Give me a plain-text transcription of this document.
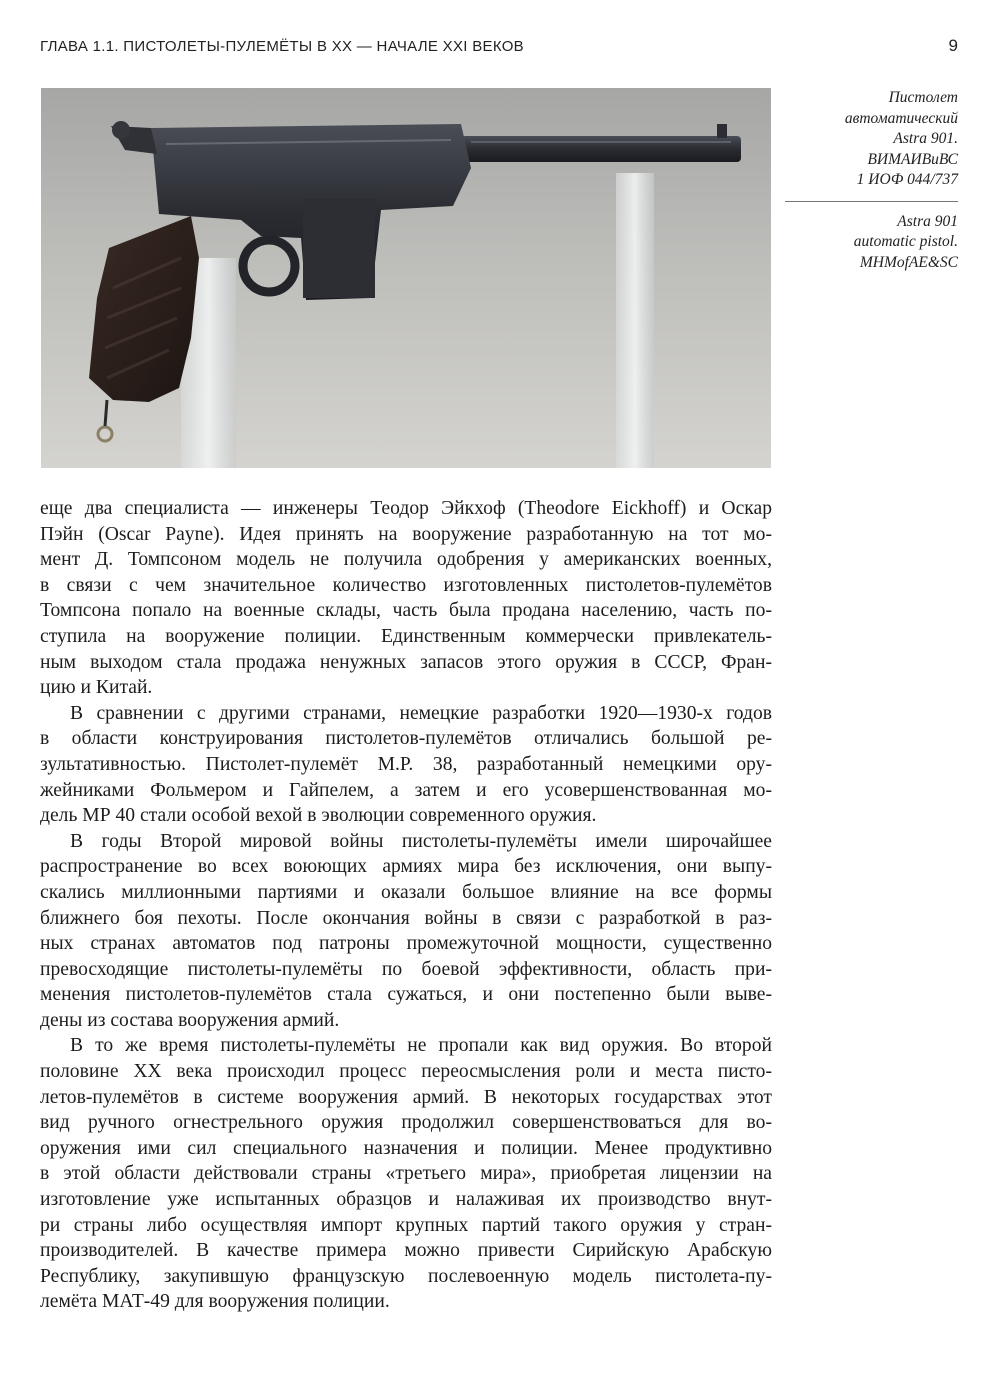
ГЛАВА 1.1. ПИСТОЛЕТЫ-ПУЛЕМЁТЫ В XX — НАЧАЛЕ XXI ВЕКОВ	9
Пистолет
автоматический
Astra 901.
ВИМАИВиВС
1 ИОФ 044/737
Astra 901
automatic pistol.
MHMofAE&SC
еще два специалиста — инженеры Теодор Эйкхоф (Theodore Eickhoff) и Оскар
Пэйн (Oscar Payne). Идея принять на вооружение разработанную на тот мо-
мент Д. Томпсоном модель не получила одобрения у американских военных,
в связи с чем значительное количество изготовленных пистолетов-пулемётов
Томпсона попало на военные склады, часть была продана населению, часть по-
ступила на вооружение полиции. Единственным коммерчески привлекатель-
ным выходом стала продажа ненужных запасов этого оружия в СССР, Фран-
цию и Китай.
В сравнении с другими странами, немецкие разработки 1920—1930-х годов
в области конструирования пистолетов-пулемётов отличались большой ре-
зультативностью. Пистолет-пулемёт М.Р. 38, разработанный немецкими ору-
жейниками Фольмером и Гайпелем, а затем и его усовершенствованная мо-
дель МР 40 стали особой вехой в эволюции современного оружия.
В годы Второй мировой войны пистолеты-пулемёты имели широчайшее
распространение во всех воюющих армиях мира без исключения, они выпу-
скались миллионными партиями и оказали большое влияние на все формы
ближнего боя пехоты. После окончания войны в связи с разработкой в раз-
ных странах автоматов под патроны промежуточной мощности, существенно
превосходящие пистолеты-пулемёты по боевой эффективности, область при-
менения пистолетов-пулемётов стала сужаться, и они постепенно были выве-
дены из состава вооружения армий.
В то же время пистолеты-пулемёты не пропали как вид оружия. Во второй
половине XX века происходил процесс переосмысления роли и места писто-
летов-пулемётов в системе вооружения армий. В некоторых государствах этот
вид ручного огнестрельного оружия продолжил совершенствоваться для во-
оружения ими сил специального назначения и полиции. Менее продуктивно
в этой области действовали страны «третьего мира», приобретая лицензии на
изготовление уже испытанных образцов и налаживая их производство внут-
ри страны либо осуществляя импорт крупных партий такого оружия у стран-
производителей. В качестве примера можно привести Сирийскую Арабскую
Республику, закупившую французскую послевоенную модель пистолета-пу-
лемёта МАТ-49 для вооружения полиции.
